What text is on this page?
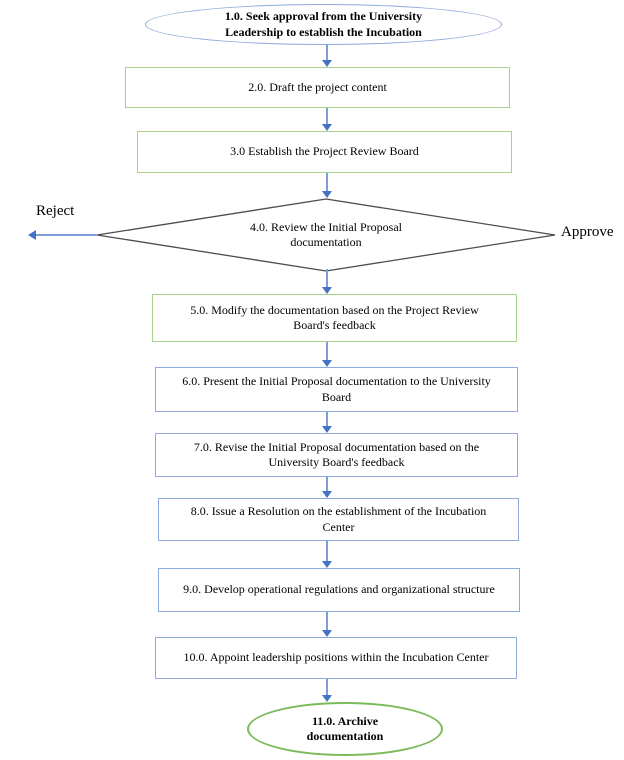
1.0. Seek approval from the University
Leadership to establish the Incubation
2.0. Draft the project content
3.0 Establish the Project Review Board
4.0. Review the Initial Proposal
documentation
Reject
Approve
5.0. Modify the documentation based on the Project Review
Board's feedback
6.0. Present the Initial Proposal documentation to the University
Board
7.0. Revise the Initial Proposal documentation based on the
University Board's feedback
8.0. Issue a Resolution on the establishment of the Incubation
Center
9.0. Develop operational regulations and organizational structure
10.0. Appoint leadership positions within the Incubation Center
11.0. Archive
documentation
